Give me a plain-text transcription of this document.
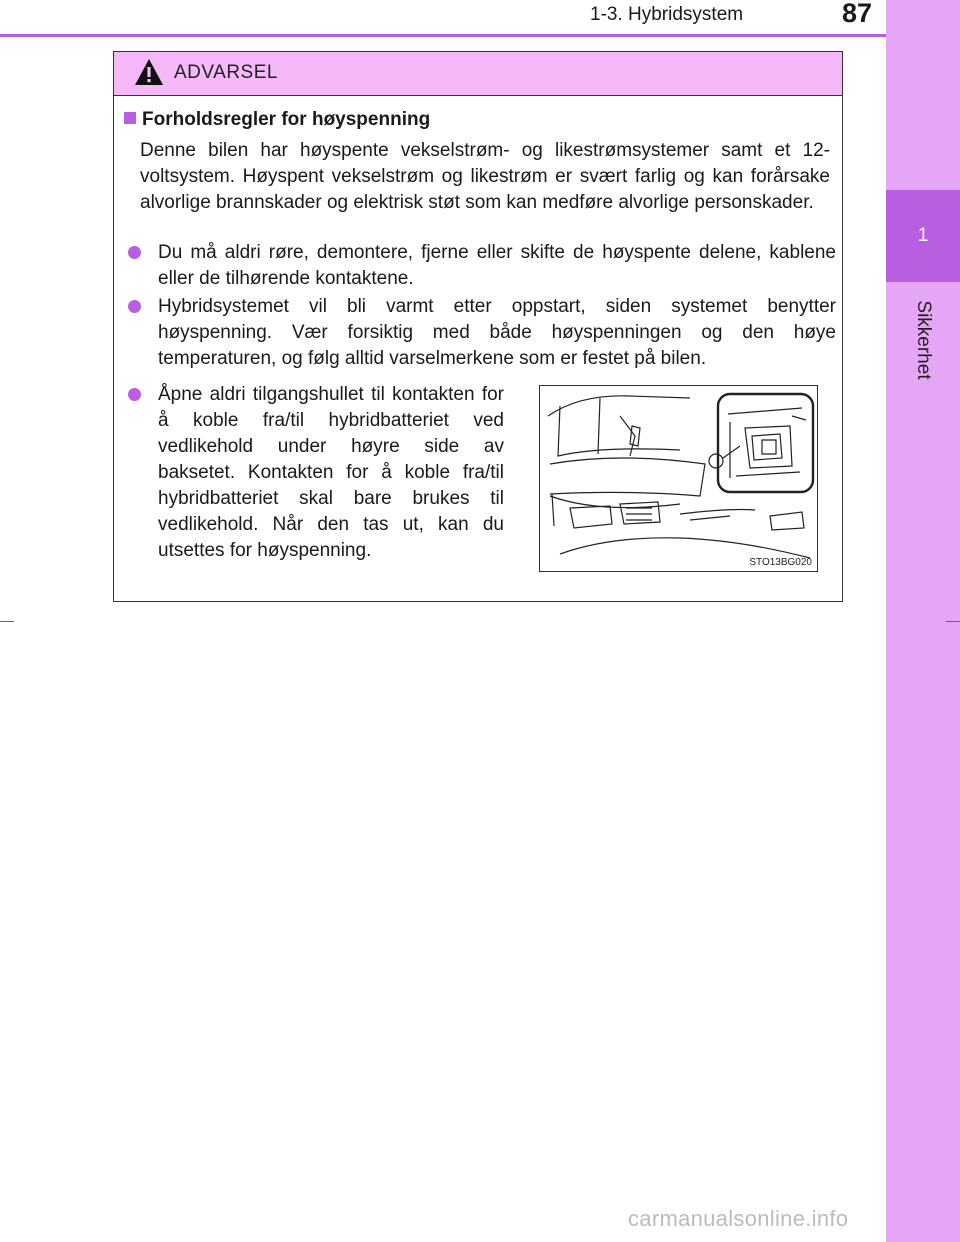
1
Sikkerhet
1-3. Hybridsystem	87
ADVARSEL
Forholdsregler for høyspenning
Denne bilen har høyspente vekselstrøm- og likestrømsystemer samt et 12-voltsystem. Høyspent vekselstrøm og likestrøm er svært farlig og kan forårsake alvorlige brannskader og elektrisk støt som kan medføre alvorlige personskader.
Du må aldri røre, demontere, fjerne eller skifte de høyspente delene, kablene eller de tilhørende kontaktene.
Hybridsystemet vil bli varmt etter oppstart, siden systemet benytter høyspenning. Vær forsiktig med både høyspenningen og den høye temperaturen, og følg alltid varselmerkene som er festet på bilen.
Åpne aldri tilgangshullet til kontakten for å koble fra/til hybridbatteriet ved vedlikehold under høyre side av baksetet. Kontakten for å koble fra/til hybridbatteriet skal bare brukes til vedlikehold. Når den tas ut, kan du utsettes for høyspenning.
STO13BG020
carmanualsonline.info
